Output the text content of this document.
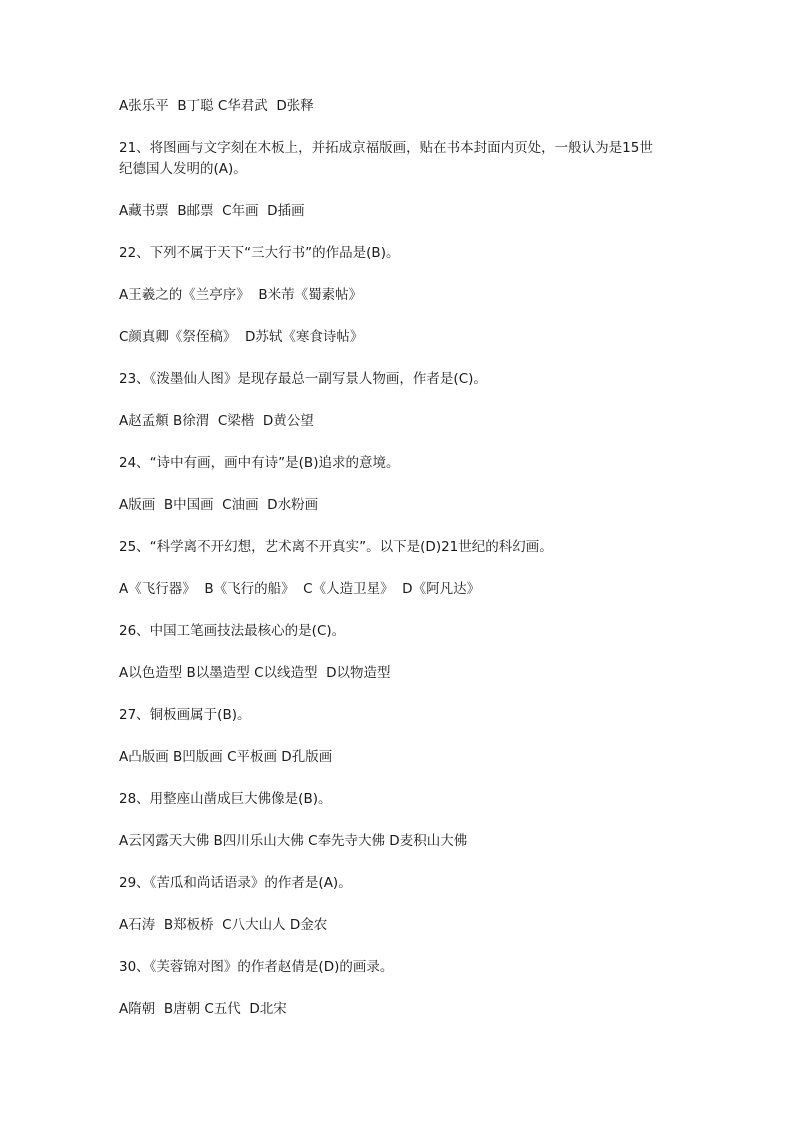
A张乐平  B丁聪 C华君武  D张释
21、将图画与文字刻在木板上，并拓成京福版画，贴在书本封面内页处，一般认为是15世
纪德国人发明的(A)。
A藏书票  B邮票  C年画  D插画
22、下列不属于天下“三大行书”的作品是(B)。
A王羲之的《兰亭序》  B米芾《蜀素帖》
C颜真卿《祭侄稿》  D苏轼《寒食诗帖》
23、《泼墨仙人图》是现存最总一副写景人物画，作者是(C)。
A赵孟頫 B徐渭  C梁楷  D黄公望
24、“诗中有画，画中有诗”是(B)追求的意境。
A版画  B中国画  C油画  D水粉画
25、“科学离不开幻想，艺术离不开真实”。以下是(D)21世纪的科幻画。
A《飞行器》  B《飞行的船》  C《人造卫星》  D《阿凡达》
26、中国工笔画技法最核心的是(C)。
A以色造型 B以墨造型 C以线造型  D以物造型
27、铜板画属于(B)。
A凸版画 B凹版画 C平板画 D孔版画
28、用整座山凿成巨大佛像是(B)。
A云冈露天大佛 B四川乐山大佛 C奉先寺大佛 D麦积山大佛
29、《苦瓜和尚话语录》的作者是(A)。
A石涛  B郑板桥  C八大山人 D金农
30、《芙蓉锦对图》的作者赵倩是(D)的画录。
A隋朝  B唐朝 C五代  D北宋
